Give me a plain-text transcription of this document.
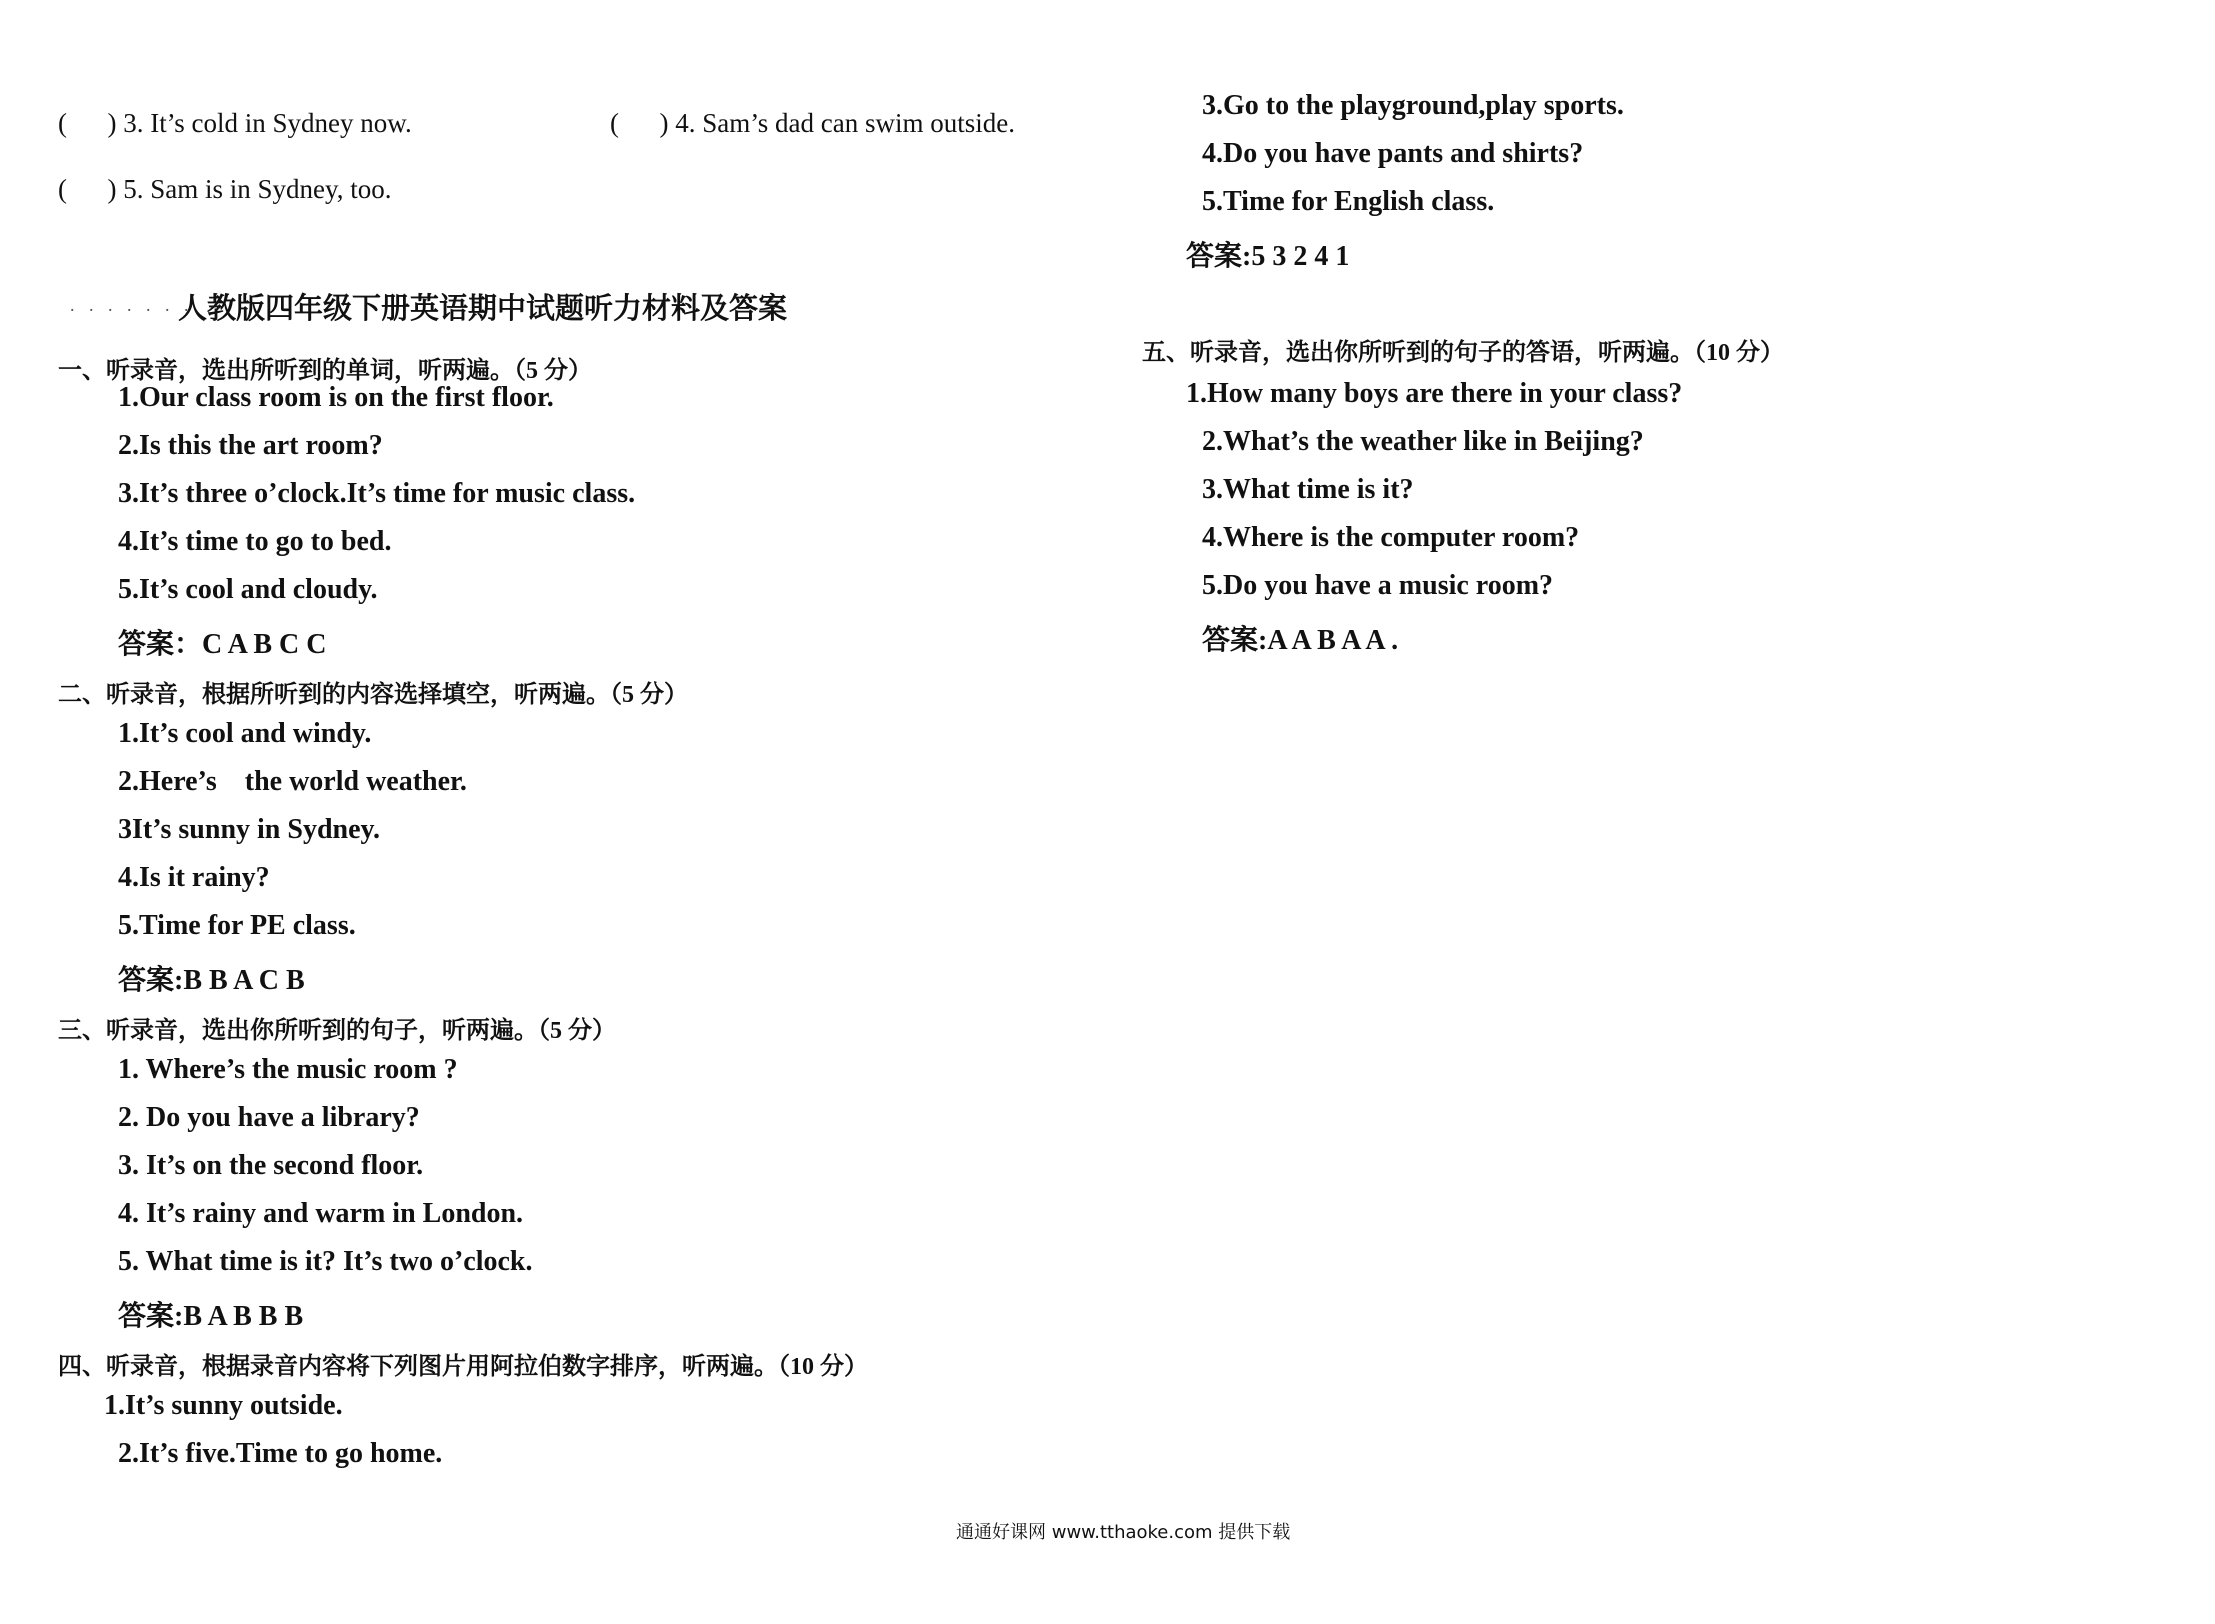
(      ) 3. It’s cold in Sydney now.	(      ) 4. Sam’s dad can swim outside.
(      ) 5. Sam is in Sydney, too.
. . . . . . .
人教版四年级下册英语期中试题听力材料及答案
一、听录音，选出所听到的单词，听两遍。（5 分）
1.Our class room is on the first floor.
2.Is this the art room?
3.It’s three o’clock.It’s time for music class.
4.It’s time to go to bed.
5.It’s cool and cloudy.
答案：C A B C C
二、听录音，根据所听到的内容选择填空，听两遍。（5 分）
1.It’s cool and windy.
2.Here’s    the world weather.
3It’s sunny in Sydney.
4.Is it rainy?
5.Time for PE class.
答案:B B A C B
三、听录音，选出你所听到的句子，听两遍。（5 分）
1. Where’s the music room ?
2. Do you have a library?
3. It’s on the second floor.
4. It’s rainy and warm in London.
5. What time is it? It’s two o’clock.
答案:B A B B B
四、听录音，根据录音内容将下列图片用阿拉伯数字排序，听两遍。（10 分）
1.It’s sunny outside.
2.It’s five.Time to go home.
3.Go to the playground,play sports.
4.Do you have pants and shirts?
5.Time for English class.
答案:5 3 2 4 1
五、听录音，选出你所听到的句子的答语，听两遍。（10 分）
1.How many boys are there in your class?
2.What’s the weather like in Beijing?
3.What time is it?
4.Where is the computer room?
5.Do you have a music room?
答案:A A B A A .
通通好课网 www.tthaoke.com 提供下载
